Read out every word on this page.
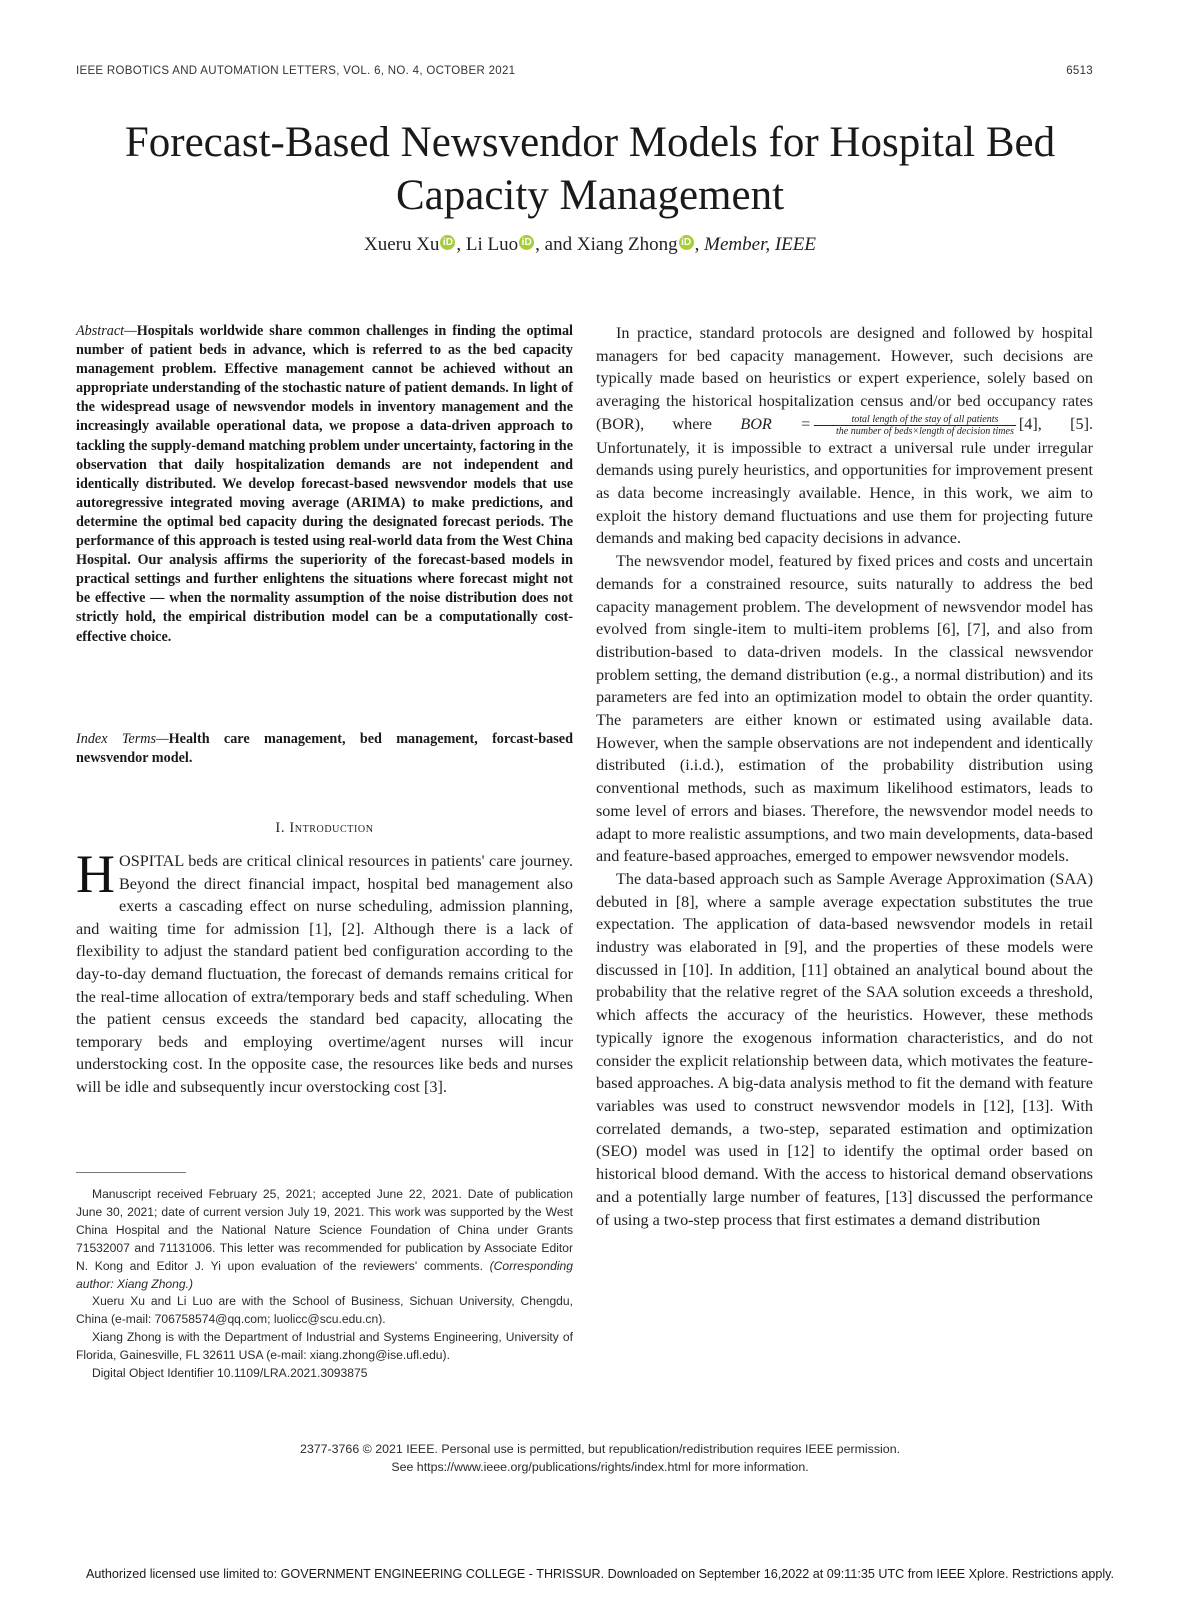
IEEE ROBOTICS AND AUTOMATION LETTERS, VOL. 6, NO. 4, OCTOBER 2021	6513
Forecast-Based Newsvendor Models for Hospital Bed
Capacity Management
Xueru Xu iD , Li Luo iD , and Xiang Zhong iD , Member, IEEE
Abstract—Hospitals worldwide share common challenges in finding the optimal number of patient beds in advance, which is referred to as the bed capacity management problem. Effective management cannot be achieved without an appropriate understanding of the stochastic nature of patient demands. In light of the widespread usage of newsvendor models in inventory management and the increasingly available operational data, we propose a data-driven approach to tackling the supply-demand matching problem under uncertainty, factoring in the observation that daily hospitalization demands are not independent and identically distributed. We develop forecast-based newsvendor models that use autoregressive integrated moving average (ARIMA) to make predictions, and determine the optimal bed capacity during the designated forecast periods. The performance of this approach is tested using real-world data from the West China Hospital. Our analysis affirms the superiority of the forecast-based models in practical settings and further enlightens the situations where forecast might not be effective — when the normality assumption of the noise distribution does not strictly hold, the empirical distribution model can be a computationally cost-effective choice.
Index Terms—Health care management, bed management, forcast-based newsvendor model.
I. Introduction
HOSPITAL beds are critical clinical resources in patients' care journey. Beyond the direct financial impact, hospital bed management also exerts a cascading effect on nurse scheduling, admission planning, and waiting time for admission [1], [2]. Although there is a lack of flexibility to adjust the standard patient bed configuration according to the day-to-day demand fluctuation, the forecast of demands remains critical for the real-time allocation of extra/temporary beds and staff scheduling. When the patient census exceeds the standard bed capacity, allocating the temporary beds and employing overtime/agent nurses will incur understocking cost. In the opposite case, the resources like beds and nurses will be idle and subsequently incur overstocking cost [3].

Manuscript received February 25, 2021; accepted June 22, 2021. Date of publication June 30, 2021; date of current version July 19, 2021. This work was supported by the West China Hospital and the National Nature Science Foundation of China under Grants 71532007 and 71131006. This letter was recommended for publication by Associate Editor N. Kong and Editor J. Yi upon evaluation of the reviewers' comments. (Corresponding author: Xiang Zhong.)

Xueru Xu and Li Luo are with the School of Business, Sichuan University, Chengdu, China (e-mail: 706758574@qq.com; luolicc@scu.edu.cn).

Xiang Zhong is with the Department of Industrial and Systems Engineering, University of Florida, Gainesville, FL 32611 USA (e-mail: xiang.zhong@ise.ufl.edu).

Digital Object Identifier 10.1109/LRA.2021.3093875

In practice, standard protocols are designed and followed by hospital managers for bed capacity management. However, such decisions are typically made based on heuristics or expert experience, solely based on averaging the historical hospitalization census and/or bed occupancy rates (BOR), where BOR = $\frac{\text{total length of the stay of all patients}}{\text{the number of beds×length of decision times}} [4]$, [5]. Unfortunately, it is impossible to extract a universal rule under irregular demands using purely heuristics, and opportunities for improvement present as data become increasingly available. Hence, in this work, we aim to exploit the history demand fluctuations and use them for projecting future demands and making bed capacity decisions in advance.

The newsvendor model, featured by fixed prices and costs and uncertain demands for a constrained resource, suits naturally to address the bed capacity management problem. The development of newsvendor model has evolved from single-item to multi-item problems [6], [7], and also from distribution-based to data-driven models. In the classical newsvendor problem setting, the demand distribution (e.g., a normal distribution) and its parameters are fed into an optimization model to obtain the order quantity. The parameters are either known or estimated using available data. However, when the sample observations are not independent and identically distributed (i.i.d.), estimation of the probability distribution using conventional methods, such as maximum likelihood estimators, leads to some level of errors and biases. Therefore, the newsvendor model needs to adapt to more realistic assumptions, and two main developments, data-based and feature-based approaches, emerged to empower newsvendor models.

The data-based approach such as Sample Average Approximation (SAA) debuted in [8], where a sample average expectation substitutes the true expectation. The application of data-based newsvendor models in retail industry was elaborated in [9], and the properties of these models were discussed in [10]. In addition, [11] obtained an analytical bound about the probability that the relative regret of the SAA solution exceeds a threshold, which affects the accuracy of the heuristics. However, these methods typically ignore the exogenous information characteristics, and do not consider the explicit relationship between data, which motivates the feature-based approaches. A big-data analysis method to fit the demand with feature variables was used to construct newsvendor models in [12], [13]. With correlated demands, a two-step, separated estimation and optimization (SEO) model was used in [12] to identify the optimal order based on historical blood demand. With the access to historical demand observations and a potentially large number of features, [13] discussed the performance of using a two-step process that first estimates a demand distribution

2377-3766 © 2021 IEEE. Personal use is permitted, but republication/redistribution requires IEEE permission.
See https://www.ieee.org/publications/rights/index.html for more information.
Authorized licensed use limited to: GOVERNMENT ENGINEERING COLLEGE - THRISSUR. Downloaded on September 16,2022 at 09:11:35 UTC from IEEE Xplore. Restrictions apply.
